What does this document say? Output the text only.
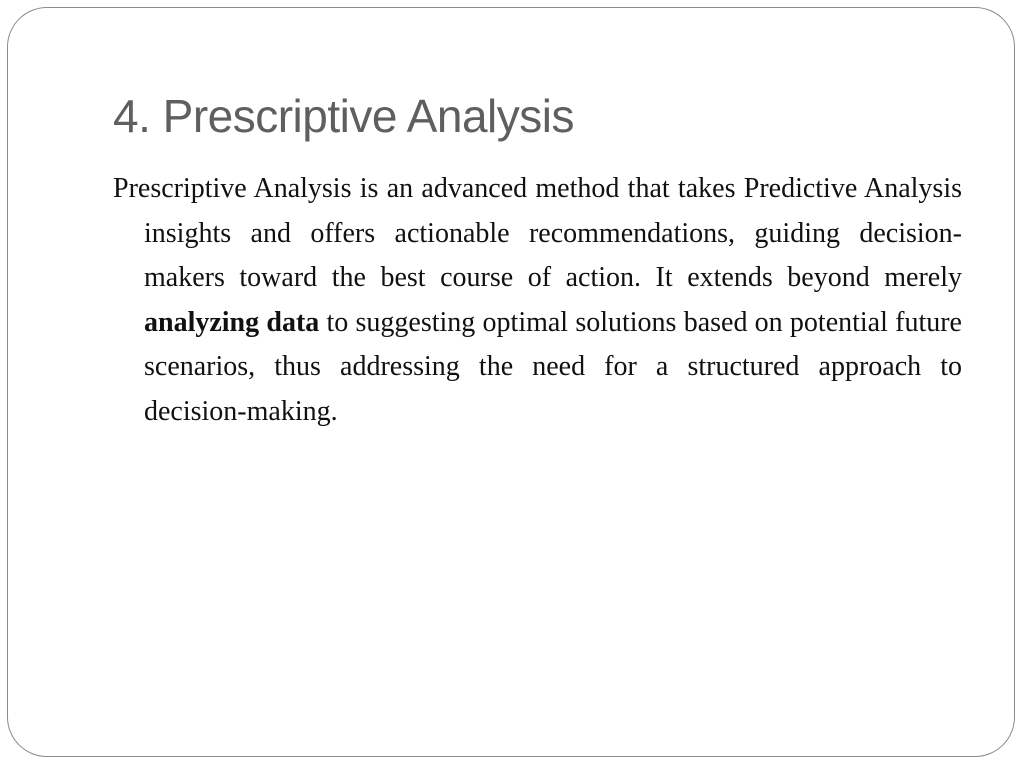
4. Prescriptive Analysis

Prescriptive Analysis is an advanced method that takes Predictive Analysis insights and offers actionable recommendations, guiding decision-makers toward the best course of action. It extends beyond merely analyzing data to suggesting optimal solutions based on potential future scenarios, thus addressing the need for a structured approach to decision-making.
